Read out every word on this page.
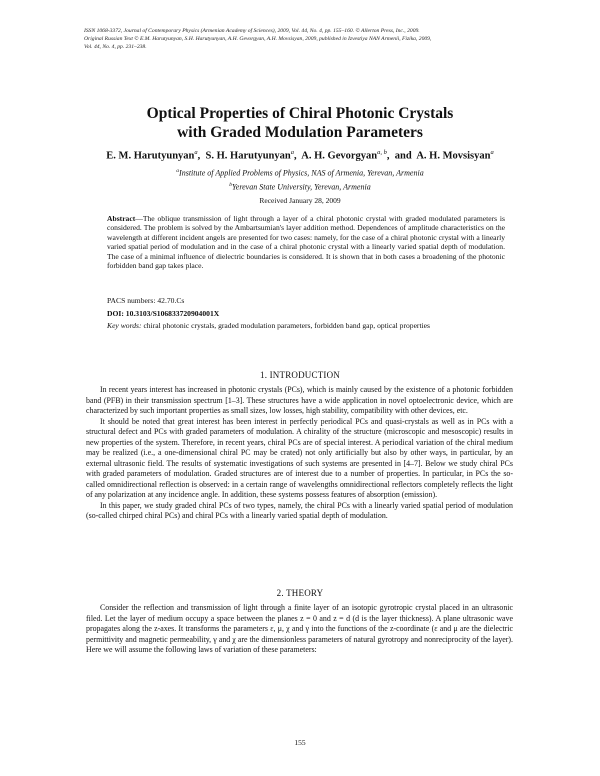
ISSN 1068-3372, Journal of Contemporary Physics (Armenian Academy of Sciences), 2009, Vol. 44, No. 4, pp. 155–160. © Allerton Press, Inc., 2009.
Original Russian Text © E.M. Harutyunyan, S.H. Harutyunyan, A.H. Gevorgyan, A.H. Movsisyan, 2009, published in Izvestiya NAN Armenii, Fizika, 2009,
Vol. 44, No. 4, pp. 231–238.
Optical Properties of Chiral Photonic Crystals
with Graded Modulation Parameters
E. M. Harutyunyan$^a$, S. H. Harutyunyan$^a$, A. H. Gevorgyan$^{a, b}$, and A. H. Movsisyan$^a$
$^a$Institute of Applied Problems of Physics, NAS of Armenia, Yerevan, Armenia
$^b$Yerevan State University, Yerevan, Armenia
Received January 28, 2009
Abstract—The oblique transmission of light through a layer of a chiral photonic crystal with graded modulated parameters is considered. The problem is solved by the Ambartsumian's layer addition method. Dependences of amplitude characteristics on the wavelength at different incident angels are presented for two cases: namely, for the case of a chiral photonic crystal with a linearly varied spatial period of modulation and in the case of a chiral photonic crystal with a linearly varied spatial depth of modulation. The case of a minimal influence of dielectric boundaries is considered. It is shown that in both cases a broadening of the photonic forbidden band gap takes place.
PACS numbers: 42.70.Cs
DOI: 10.3103/S106833720904001X
Key words: chiral photonic crystals, graded modulation parameters, forbidden band gap, optical properties
1. INTRODUCTION

In recent years interest has increased in photonic crystals (PCs), which is mainly caused by the existence of a photonic forbidden band (PFB) in their transmission spectrum [1–3]. These structures have a wide application in novel optoelectronic device, which are characterized by such important properties as small sizes, low losses, high stability, compatibility with other devices, etc.

It should be noted that great interest has been interest in perfectly periodical PCs and quasi-crystals as well as in PCs with a structural defect and PCs with graded parameters of modulation. A chirality of the structure (microscopic and mesoscopic) results in new properties of the system. Therefore, in recent years, chiral PCs are of special interest. A periodical variation of the chiral medium may be realized (i.e., a one-dimensional chiral PC may be crated) not only artificially but also by other ways, in particular, by an external ultrasonic field. The results of systematic investigations of such systems are presented in [4–7]. Below we study chiral PCs with graded parameters of modulation. Graded structures are of interest due to a number of properties. In particular, in PCs the so-called omnidirectional reflection is observed: in a certain range of wavelengths omnidirectional reflectors completely reflects the light of any polarization at any incidence angle. In addition, these systems possess features of absorption (emission).

In this paper, we study graded chiral PCs of two types, namely, the chiral PCs with a linearly varied spatial period of modulation (so-called chirped chiral PCs) and chiral PCs with a linearly varied spatial depth of modulation.

2. THEORY

Consider the reflection and transmission of light through a finite layer of an isotopic gyrotropic crystal placed in an ultrasonic filed. Let the layer of medium occupy a space between the planes z = 0 and z = d (d is the layer thickness). A plane ultrasonic wave propagates along the z-axes. It transforms the parameters ε, μ, χ and γ into the functions of the z-coordinate (ε and μ are the dielectric permittivity and magnetic permeability, γ and χ are the dimensionless parameters of natural gyrotropy and nonreciprocity of the layer). Here we will assume the following laws of variation of these parameters:

155
